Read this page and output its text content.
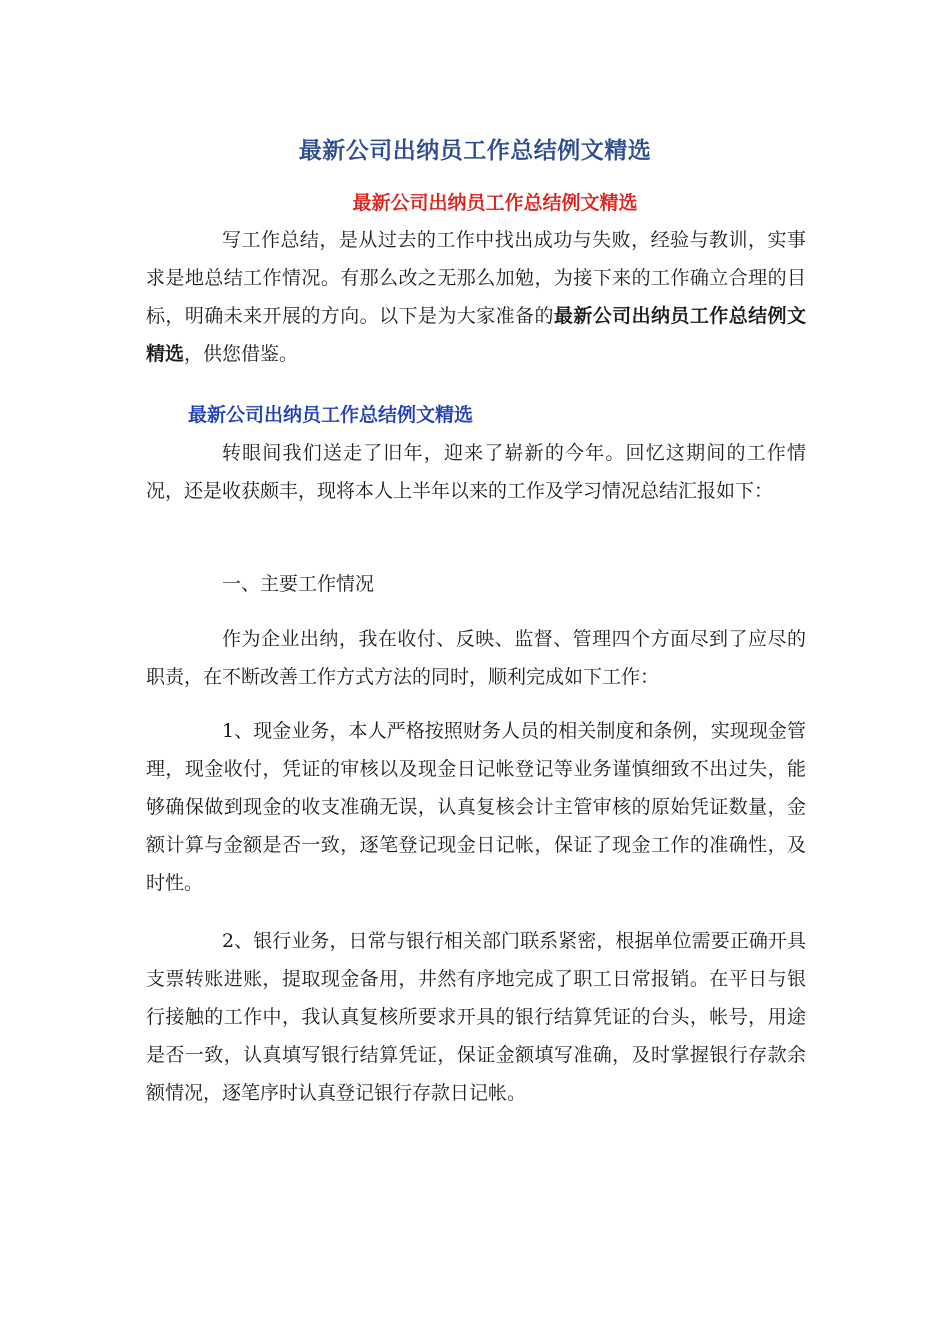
最新公司出纳员工作总结例文精选
最新公司出纳员工作总结例文精选

写工作总结，是从过去的工作中找出成功与失败，经验与教训，实事求是地总结工作情况。有那么改之无那么加勉，为接下来的工作确立合理的目标，明确未来开展的方向。以下是为大家准备的最新公司出纳员工作总结例文精选，供您借鉴。

最新公司出纳员工作总结例文精选

转眼间我们送走了旧年，迎来了崭新的今年。回忆这期间的工作情况，还是收获颇丰，现将本人上半年以来的工作及学习情况总结汇报如下：

一、主要工作情况

作为企业出纳，我在收付、反映、监督、管理四个方面尽到了应尽的职责，在不断改善工作方式方法的同时，顺利完成如下工作：

1、现金业务，本人严格按照财务人员的相关制度和条例，实现现金管理，现金收付，凭证的审核以及现金日记帐登记等业务谨慎细致不出过失，能够确保做到现金的收支准确无误，认真复核会计主管审核的原始凭证数量，金额计算与金额是否一致，逐笔登记现金日记帐，保证了现金工作的准确性，及时性。

2、银行业务，日常与银行相关部门联系紧密，根据单位需要正确开具支票转账进账，提取现金备用，井然有序地完成了职工日常报销。在平日与银行接触的工作中，我认真复核所要求开具的银行结算凭证的台头，帐号，用途是否一致，认真填写银行结算凭证，保证金额填写准确，及时掌握银行存款余额情况，逐笔序时认真登记银行存款日记帐。
